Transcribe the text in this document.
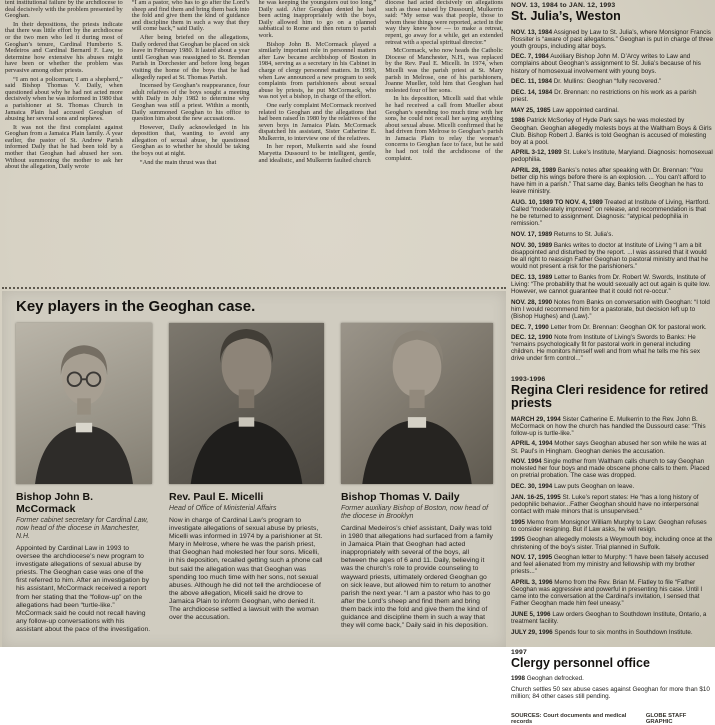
tent institutional failure by the archdiocese to deal decisively with the problem presented by Geoghan.

In their depositions, the priests indicate that there was little effort by the archdiocese or the two men who led it during most of Geoghan’s tenure, Cardinal Humberto S. Medeiros and Cardinal Bernard F. Law, to determine how extensive his abuses might have been or whether the problem was pervasive among other priests.

“I am not a policeman; I am a shepherd,” said Bishop Thomas V. Daily, when questioned about why he had not acted more decisively when he was informed in 1980 that a parishioner at St. Thomas Church in Jamaica Plain had accused Geoghan of abusing her several sons and nephews.

It was not the first complaint against Geoghan from a Jamaica Plain family. A year earlier, the pastor of St. Andrew Parish informed Daily that he had been told by a mother that Geoghan had abused her son. Without summoning the mother to ask her about the allegation, Daily wrote

“I am a pastor, who has to go after the Lord’s sheep and find them and bring them back into the fold and give them the kind of guidance and discipline them in such a way that they will come back,” said Daily.

After being briefed on the allegations, Daily ordered that Geoghan be placed on sick leave in February 1980. It lasted about a year until Geoghan was reassigned to St. Brendan Parish in Dorchester and before long began visiting the home of the boys that he had allegedly raped at St. Thomas Parish.

Incensed by Geoghan’s reappearance, four adult relatives of the boys sought a meeting with Daily in July 1982 to determine why Geoghan was still a priest. Within a month, Daily summoned Geoghan to his office to question him about the new accusations.

However, Daily acknowledged in his deposition that, wanting to avoid any allegation of sexual abuse, he questioned Geoghan as to whether he should be taking the boys out at night.

“And the main thrust was that

he was keeping the youngsters out too long,” Daily said. After Geoghan denied he had been acting inappropriately with the boys, Daily allowed him to go on a planned sabbatical to Rome and then return to parish work.

Bishop John B. McCormack played a similarly important role in personnel matters after Law became archbishop of Boston in 1984, serving as a secretary in his Cabinet in charge of clergy personnel matters. In 1993, when Law announced a new program to seek complaints from parishioners about sexual abuse by priests, he put McCormack, who was not yet a bishop, in charge of the effort.

One early complaint McCormack received related to Geoghan and the allegations that had been raised in 1980 by the relatives of the seven boys in Jamaica Plain. McCormack dispatched his assistant, Sister Catherine E. Mulkerrin, to interview one of the relatives.

In her report, Mulkerrin said she found Maryetta Dussourd to be intelligent, gentle, and idealistic, and Mulkerrin faulted church

diocese had acted decisively on allegations such as those raised by Dussourd, Mulkerrin said: “My sense was that people, those to whom these things were reported, acted in the way they knew how — to make a retreat, repent, go away for a while, get an extended retreat with a special spiritual director.”

McCormack, who now heads the Catholic Diocese of Manchester, N.H., was replaced by the Rev. Paul E. Micelli. In 1974, when Micelli was the parish priest at St. Mary parish in Melrose, one of his parishioners, Joanne Mueller, told him that Geoghan had molested four of her sons.

In his deposition, Micelli said that while he had received a call from Mueller about Geoghan’s spending too much time with her sons, he could not recall her saying anything about sexual abuse. Micelli confirmed that he had driven from Melrose to Geoghan’s parish in Jamacia Plain to relay the woman’s concerns to Geoghan face to face, but he said he had not told the archdiocese of the complaint.

Key players in the Geoghan case.
Bishop John B. McCormack
Former cabinet secretary for Cardinal Law, now head of the diocese in Manchester, N.H.
Appointed by Cardinal Law in 1993 to oversee the archdiocese’s new program to investigate allegations of sexual abuse by priests. The Geoghan case was one of the first referred to him. After an investigation by his assistant, McCormack received a report from her stating that the “follow-up” on the allegations had been “turtle-like.” McCormack said he could not recall having any follow-up conversations with his assistant about the pace of the investigation.
Rev. Paul E. Micelli
Head of Office of Ministerial Affairs
Now in charge of Cardinal Law’s program to investigate allegations of sexual abuse by priests, Micelli was informed in 1974 by a parishioner at St. Mary in Melrose, where he was the parish priest, that Geoghan had molested her four sons. Micelli, in his deposition, recalled getting such a phone call but said the allegation was that Geoghan was spending too much time with her sons, not sexual abuses. Although he did not tell the archdiocese of the above allegation, Micelli said he drove to Jamaica Plain to inform Geoghan, who denied it. The archdiocese settled a lawsuit with the woman over the accusation.
Bishop Thomas V. Daily
Former auxiliary Bishop of Boston, now head of the diocese in Brooklyn
Cardinal Medeiros’s chief assistant, Daily was told in 1980 that allegations had surfaced from a family in Jamaica Plain that Geoghan had acted inappropriately with several of the boys, all between the ages of 6 and 11. Daily, believing it was the church’s role to provide counseling to wayward priests, ultimately ordered Geoghan go on sick leave, but allowed him to return to another parish the next year. “I am a pastor who has to go after the Lord’s sheep and find them and bring them back into the fold and give them the kind of guidance and discipline them in such a way that they will come back,” Daily said in his deposition.
NOV. 13, 1984 to JAN. 12, 1993
St. Julia’s, Weston

NOV. 13, 1984 Assigned by Law to St. Julia’s, where Monsignor Francis Rossiter is “aware of past allegations.” Geoghan is put in charge of three youth groups, including altar boys.

DEC. 7, 1984 Auxiliary Bishop John M. D’Arcy writes to Law and complains about Geoghan’s assignment to St. Julia’s because of his history of homosexual involvement with young boys.

DEC. 11, 1984 Dr. Mullins: Geoghan “fully recovered.”

DEC. 14, 1984 Dr. Brennan: no restrictions on his work as a parish priest.

MAY 25, 1985 Law appointed cardinal.

1986 Patrick McSorley of Hyde Park says he was molested by Geoghan. Geoghan allegedly molests boys at the Waltham Boys & Girls Club. Bishop Robert J. Banks is told Geoghan is accused of molesting boy at a pool.

APRIL 3-12, 1989 St. Luke’s Institute, Maryland. Diagnosis: homosexual pedophilia.

APRIL 28, 1989 Banks’s notes after speaking with Dr. Brennan: “You better clip his wings before there is an explosion. ... You can’t afford to have him in a parish.” That same day, Banks tells Geoghan he has to leave ministry.

AUG. 10, 1989 TO NOV. 4, 1989 Treated at Institute of Living, Hartford. Called “moderately improved” on release, and recommendation is that he be returned to assignment. Diagnosis: “atypical pedophilia in remission.”

NOV. 17, 1989 Returns to St. Julia’s.

NOV. 30, 1989 Banks writes to doctor at Institute of Living “I am a bit disappointed and disturbed by the report. ...I was assured that it would be all right to reassign Father Geoghan to pastoral ministry and that he would not present a risk for the parishioners.”

DEC. 13, 1989 Letter to Banks from Dr. Robert W. Swords, Institute of Living: “The probability that he would sexually act out again is quite low. However, we cannot guarantee that it could not re-occur.”

NOV. 28, 1990 Notes from Banks on conversation with Geoghan: “I told him I would recommend him for a pastorate, but decision left up to (Bishop Hughes) and (Law).”

DEC. 7, 1990 Letter from Dr. Brennan: Geoghan OK for pastoral work.

DEC. 12, 1990 Note from Institute of Living’s Swords to Banks: He “remains psychologically fit for pastoral work in general including children. He monitors himself well and from what he tells me his sex drive under firm control...”

1993-1996
Regina Cleri residence for retired priests

MARCH 29, 1994 Sister Catherine E. Mulkerrin to the Rev. John B. McCormack on how the church has handled the Dussourd case: “This follow-up is turtle-like.”

APRIL 4, 1994 Mother says Geoghan abused her son while he was at St. Paul’s in Hingham. Geoghan denies the accusation.

NOV. 1994 Single mother from Waltham calls church to say Geoghan molested her four boys and made obscene phone calls to them. Placed on pretrial probation. The case was dropped.

DEC. 30, 1994 Law puts Geoghan on leave.

JAN. 16-25, 1995 St. Luke’s report states: He “has a long history of pedophilic behavior...Father Geoghan should have no interpersonal contact with male minors that is unsupervised.”

1995 Memo from Monsignor William Murphy to Law: Geoghan refuses to consider resigning. But if Law asks, he will resign.

1995 Geoghan allegedly molests a Weymouth boy, including once at the christening of the boy’s sister. Trial planned in Suffolk.

NOV. 17, 1995 Geoghan letter to Murphy: “I have been falsely accused and feel alienated from my ministry and fellowship with my brother priests...”

APRIL 3, 1996 Memo from the Rev. Brian M. Flatley to file “Father Geoghan was aggressive and powerful in presenting his case. Until I came into the conversation at the Cardinal’s invitation, I sensed that Father Geoghan made him feel uneasy.”

JUNE 5, 1996 Law orders Geoghan to Southdown Institute, Ontario, a treatment facility.

JULY 29, 1996 Spends four to six months in Southdown Institute.

1997
Clergy personnel office

1998 Geoghan defrocked.

Church settles 50 sex abuse cases against Geoghan for more than $10 million; 84 other cases still pending.

SOURCES: Court documents and medical records
GLOBE STAFF GRAPHIC
